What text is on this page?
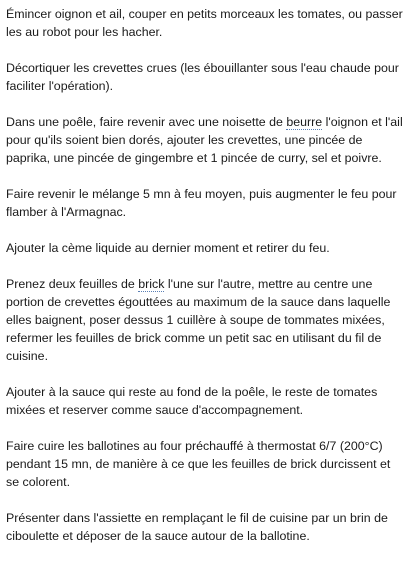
Émincer oignon et ail, couper en petits morceaux les tomates, ou passer les au robot pour les hacher.

Décortiquer les crevettes crues (les ébouillanter sous l'eau chaude pour faciliter l'opération).

Dans une poêle, faire revenir avec une noisette de beurre l'oignon et l'ail pour qu'ils soient bien dorés, ajouter les crevettes, une pincée de paprika, une pincée de gingembre et 1 pincée de curry, sel et poivre.

Faire revenir le mélange 5 mn à feu moyen, puis augmenter le feu pour flamber à l'Armagnac.

Ajouter la cème liquide au dernier moment et retirer du feu.

Prenez deux feuilles de brick l'une sur l'autre, mettre au centre une portion de crevettes égouttées au maximum de la sauce dans laquelle elles baignent, poser dessus 1 cuillère à soupe de tommates mixées, refermer les feuilles de brick comme un petit sac en utilisant du fil de cuisine.

Ajouter à la sauce qui reste au fond de la poêle, le reste de tomates mixées et reserver comme sauce d'accompagnement.

Faire cuire les ballotines au four préchauffé à thermostat 6/7 (200°C) pendant 15 mn, de manière à ce que les feuilles de brick durcissent et se colorent.

Présenter dans l'assiette en remplaçant le fil de cuisine par un brin de ciboulette et déposer de la sauce autour de la ballotine.
